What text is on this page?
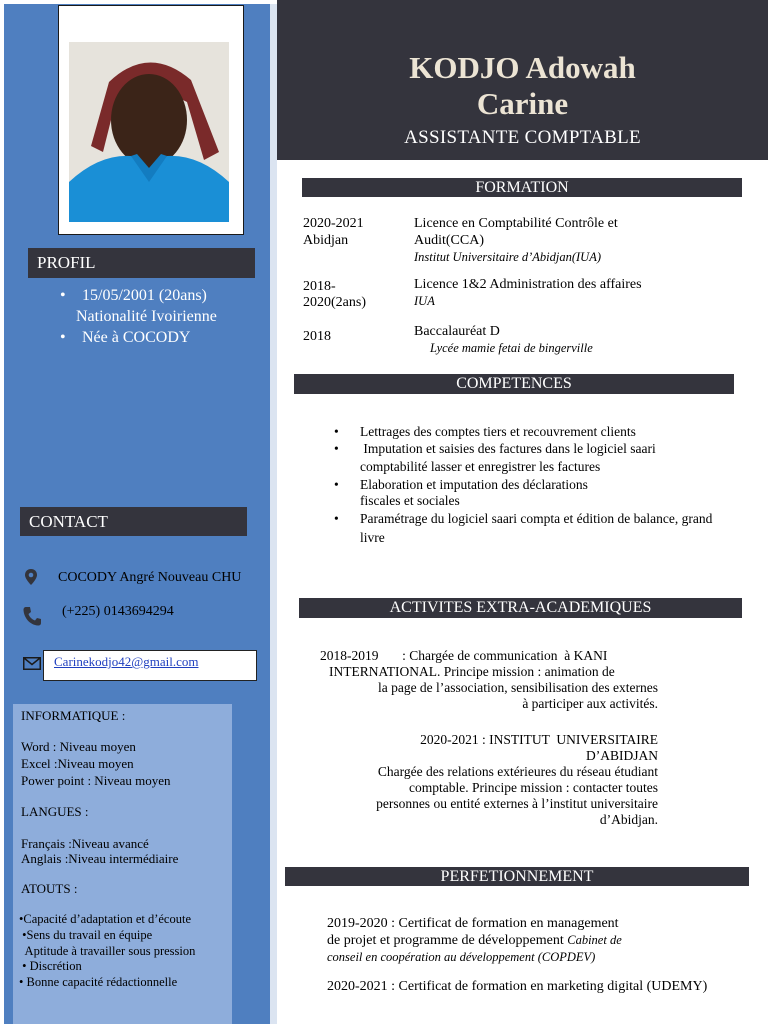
PROFIL
• 15/05/2001 (20ans)
Nationalité Ivoirienne
• Née à COCODY
CONTACT
COCODY Angré Nouveau CHU
(+225) 0143694294
Carinekodjo42@gmail.com
INFORMATIQUE :
Word : Niveau moyen
Excel :Niveau moyen
Power point : Niveau moyen
LANGUES :
Français :Niveau avancé
Anglais :Niveau intermédiaire
ATOUTS :
•Capacité d’adaptation et d’écoute
•Sens du travail en équipe
Aptitude à travailler sous pression
• Discrétion
• Bonne capacité rédactionnelle
KODJO Adowah
Carine
ASSISTANTE COMPTABLE
FORMATION
2020-2021
Abidjan
Licence en Comptabilité Contrôle et
Audit(CCA)
Institut Universitaire d’Abidjan(IUA)
2018-
2020(2ans)
Licence 1&2 Administration des affaires
IUA
2018	Baccalauréat D
Lycée mamie fetai de bingerville
COMPETENCES
• Lettrages des comptes tiers et recouvrement clients
• Imputation et saisies des factures dans le logiciel saari
comptabilité lasser et enregistrer les factures
• Elaboration et imputation des déclarations
fiscales et sociales
• Paramétrage du logiciel saari compta et édition de balance, grand
livre
ACTIVITES EXTRA-ACADEMIQUES
2018-2019       : Chargée de communication  à KANI
INTERNATIONAL. Principe mission : animation de
la page de l’association, sensibilisation des externes
à participer aux activités.
2020-2021 : INSTITUT  UNIVERSITAIRE
D’ABIDJAN
Chargée des relations extérieures du réseau étudiant
comptable. Principe mission : contacter toutes
personnes ou entité externes à l’institut universitaire
d’Abidjan.
PERFETIONNEMENT
2019-2020 : Certificat de formation en management
de projet et programme de développement Cabinet de
conseil en coopération au développement (COPDEV)
2020-2021 : Certificat de formation en marketing digital (UDEMY)
